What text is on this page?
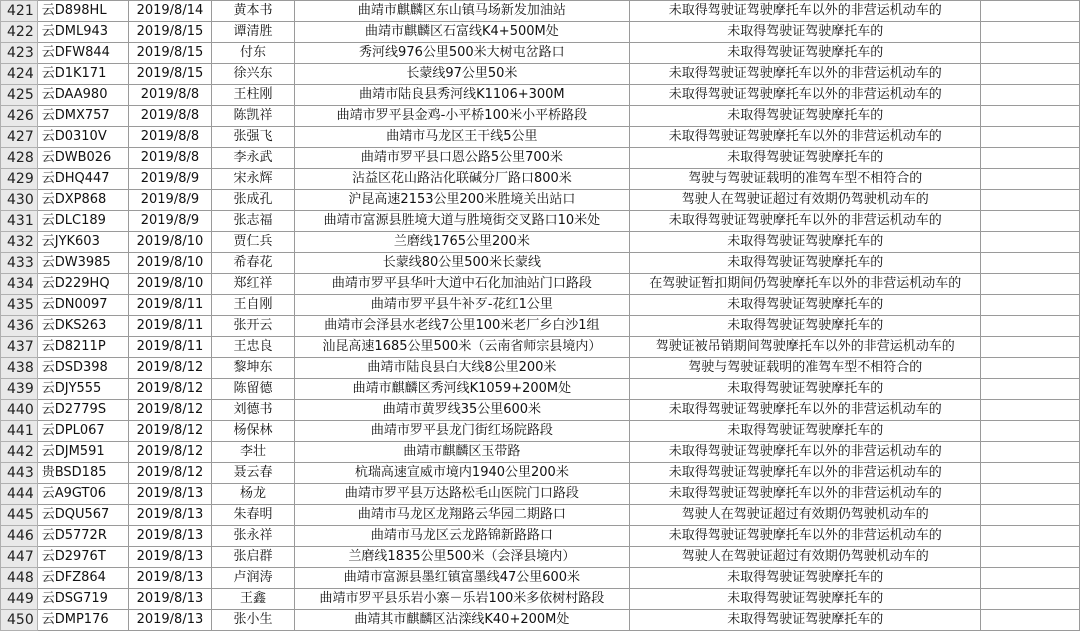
421	云D898HL	2019/8/14	黄本书	曲靖市麒麟区东山镇马场新发加油站	未取得驾驶证驾驶摩托车以外的非营运机动车的	
422	云DML943	2019/8/15	谭清胜	曲靖市麒麟区石富线K4+500M处	未取得驾驶证驾驶摩托车的	
423	云DFW844	2019/8/15	付东	秀河线976公里500米大树屯岔路口	未取得驾驶证驾驶摩托车的	
424	云D1K171	2019/8/15	徐兴东	长蒙线97公里50米	未取得驾驶证驾驶摩托车以外的非营运机动车的	
425	云DAA980	2019/8/8	王柱刚	曲靖市陆良县秀河线K1106+300M	未取得驾驶证驾驶摩托车以外的非营运机动车的	
426	云DMX757	2019/8/8	陈凯祥	曲靖市罗平县金鸡-小平桥100米小平桥路段	未取得驾驶证驾驶摩托车的	
427	云D0310V	2019/8/8	张强飞	曲靖市马龙区王干线5公里	未取得驾驶证驾驶摩托车以外的非营运机动车的	
428	云DWB026	2019/8/8	李永武	曲靖市罗平县口恩公路5公里700米	未取得驾驶证驾驶摩托车的	
429	云DHQ447	2019/8/9	宋永辉	沾益区花山路沾化联碱分厂路口800米	驾驶与驾驶证载明的准驾车型不相符合的	
430	云DXP868	2019/8/9	张成孔	沪昆高速2153公里200米胜境关出站口	驾驶人在驾驶证超过有效期仍驾驶机动车的	
431	云DLC189	2019/8/9	张志福	曲靖市富源县胜境大道与胜境街交叉路口10米处	未取得驾驶证驾驶摩托车以外的非营运机动车的	
432	云JYK603	2019/8/10	贾仁兵	兰磨线1765公里200米	未取得驾驶证驾驶摩托车的	
433	云DW3985	2019/8/10	希春花	长蒙线80公里500米长蒙线	未取得驾驶证驾驶摩托车的	
434	云D229HQ	2019/8/10	郑红祥	曲靖市罗平县华叶大道中石化加油站门口路段	在驾驶证暂扣期间仍驾驶摩托车以外的非营运机动车的	
435	云DN0097	2019/8/11	王自刚	曲靖市罗平县牛补歹-花红1公里	未取得驾驶证驾驶摩托车的	
436	云DKS263	2019/8/11	张开云	曲靖市会泽县水老线7公里100米老厂乡白沙1组	未取得驾驶证驾驶摩托车的	
437	云D8211P	2019/8/11	王忠良	汕昆高速1685公里500米（云南省师宗县境内）	驾驶证被吊销期间驾驶摩托车以外的非营运机动车的	
438	云DSD398	2019/8/12	黎坤东	曲靖市陆良县白大线8公里200米	驾驶与驾驶证载明的准驾车型不相符合的	
439	云DJY555	2019/8/12	陈留德	曲靖市麒麟区秀河线K1059+200M处	未取得驾驶证驾驶摩托车的	
440	云D2779S	2019/8/12	刘德书	曲靖市黄罗线35公里600米	未取得驾驶证驾驶摩托车以外的非营运机动车的	
441	云DPL067	2019/8/12	杨保林	曲靖市罗平县龙门街红场院路段	未取得驾驶证驾驶摩托车的	
442	云DJM591	2019/8/12	李壮	曲靖市麒麟区玉带路	未取得驾驶证驾驶摩托车以外的非营运机动车的	
443	贵BSD185	2019/8/12	聂云春	杭瑞高速宣威市境内1940公里200米	未取得驾驶证驾驶摩托车以外的非营运机动车的	
444	云A9GT06	2019/8/13	杨龙	曲靖市罗平县万达路松毛山医院门口路段	未取得驾驶证驾驶摩托车以外的非营运机动车的	
445	云DQU567	2019/8/13	朱春明	曲靖市马龙区龙翔路云华园二期路口	驾驶人在驾驶证超过有效期仍驾驶机动车的	
446	云D5772R	2019/8/13	张永祥	曲靖市马龙区云龙路锦新路路口	未取得驾驶证驾驶摩托车以外的非营运机动车的	
447	云D2976T	2019/8/13	张启群	兰磨线1835公里500米（会泽县境内）	驾驶人在驾驶证超过有效期仍驾驶机动车的	
448	云DFZ864	2019/8/13	卢润涛	曲靖市富源县墨红镇富墨线47公里600米	未取得驾驶证驾驶摩托车的	
449	云DSG719	2019/8/13	王鑫	曲靖市罗平县乐岩小寨－乐岩100米多依树村路段	未取得驾驶证驾驶摩托车的	
450	云DMP176	2019/8/13	张小生	曲靖其市麒麟区沾滦线K40+200M处	未取得驾驶证驾驶摩托车的	
